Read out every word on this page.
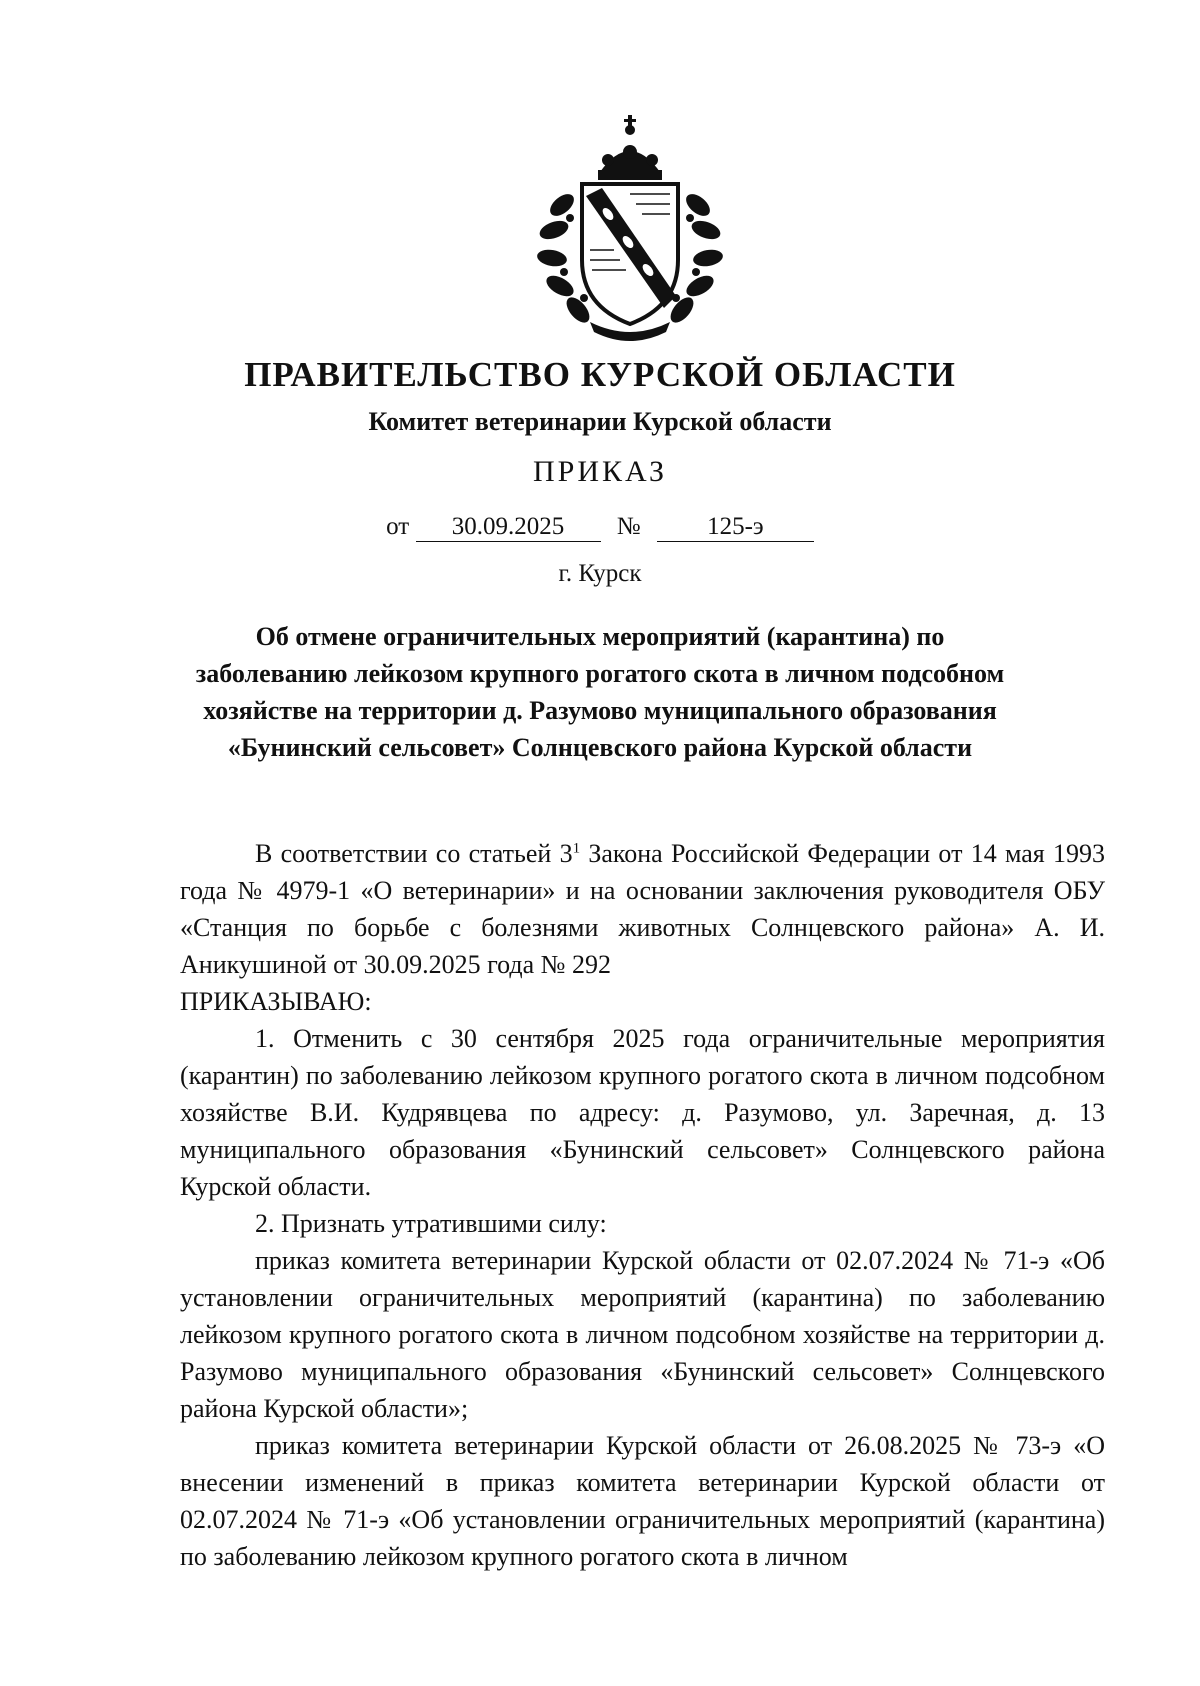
ПРАВИТЕЛЬСТВО КУРСКОЙ ОБЛАСТИ
Комитет ветеринарии Курской области
ПРИКАЗ
от 30.09.2025 №	125-э
г. Курск
Об отмене ограничительных мероприятий (карантина) по
заболеванию лейкозом крупного рогатого скота в личном подсобном
хозяйстве на территории д. Разумово муниципального образования
«Бунинский сельсовет» Солнцевского района Курской области

В соответствии со статьей $3^1$ Закона Российской Федерации от 14 мая 1993 года № 4979-1 «О ветеринарии» и на основании заключения руководителя ОБУ «Станция по борьбе с болезнями животных Солнцевского района» А. И. Аникушиной от 30.09.2025 года № 292

ПРИКАЗЫВАЮ:

1. Отменить с 30 сентября 2025 года ограничительные мероприятия (карантин) по заболеванию лейкозом крупного рогатого скота в личном подсобном хозяйстве В.И. Кудрявцева по адресу: д. Разумово, ул. Заречная, д. 13 муниципального образования «Бунинский сельсовет» Солнцевского района Курской области.

2. Признать утратившими силу:

приказ комитета ветеринарии Курской области от 02.07.2024 № 71-э «Об установлении ограничительных мероприятий (карантина) по заболеванию лейкозом крупного рогатого скота в личном подсобном хозяйстве на территории д. Разумово муниципального образования «Бунинский сельсовет» Солнцевского района Курской области»;

приказ комитета ветеринарии Курской области от 26.08.2025 № 73-э «О внесении изменений в приказ комитета ветеринарии Курской области от 02.07.2024 № 71-э «Об установлении ограничительных мероприятий (карантина) по заболеванию лейкозом крупного рогатого скота в личном
